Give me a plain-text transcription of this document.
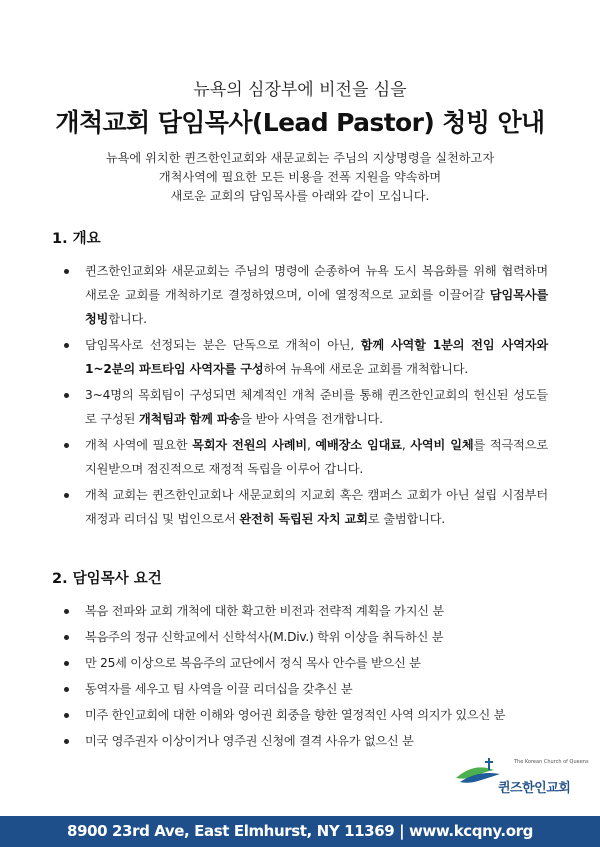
뉴욕의 심장부에 비전을 심을
개척교회 담임목사(Lead Pastor) 청빙 안내
뉴욕에 위치한 퀸즈한인교회와 새문교회는 주님의 지상명령을 실천하고자
개척사역에 필요한 모든 비용을 전폭 지원을 약속하며
새로운 교회의 담임목사를 아래와 같이 모십니다.
1. 개요
퀸즈한인교회와 새문교회는 주님의 명령에 순종하여 뉴욕 도시 복음화를 위해 협력하며 새로운 교회를 개척하기로 결정하였으며, 이에 열정적으로 교회를 이끌어갈 담임목사를 청빙합니다.
담임목사로 선정되는 분은 단독으로 개척이 아닌, 함께 사역할 1분의 전임 사역자와 1~2분의 파트타임 사역자를 구성하여 뉴욕에 새로운 교회를 개척합니다.
3~4명의 목회팀이 구성되면 체계적인 개척 준비를 통해 퀸즈한인교회의 헌신된 성도들로 구성된 개척팀과 함께 파송을 받아 사역을 전개합니다.
개척 사역에 필요한 목회자 전원의 사례비, 예배장소 임대료, 사역비 일체를 적극적으로 지원받으며 점진적으로 재정적 독립을 이루어 갑니다.
개척 교회는 퀸즈한인교회나 새문교회의 지교회 혹은 캠퍼스 교회가 아닌 설립 시점부터 재정과 리더십 및 법인으로서 완전히 독립된 자치 교회로 출범합니다.
2. 담임목사 요건
복음 전파와 교회 개척에 대한 확고한 비전과 전략적 계획을 가지신 분
복음주의 정규 신학교에서 신학석사(M.Div.) 학위 이상을 취득하신 분
만 25세 이상으로 복음주의 교단에서 정식 목사 안수를 받으신 분
동역자를 세우고 팀 사역을 이끌 리더십을 갖추신 분
미주 한인교회에 대한 이해와 영어권 회중을 향한 열정적인 사역 의지가 있으신 분
미국 영주권자 이상이거나 영주권 신청에 결격 사유가 없으신 분
The Korean Church of Queens
퀸즈한인교회
8900 23rd Ave, East Elmhurst, NY 11369 | www.kcqny.org
